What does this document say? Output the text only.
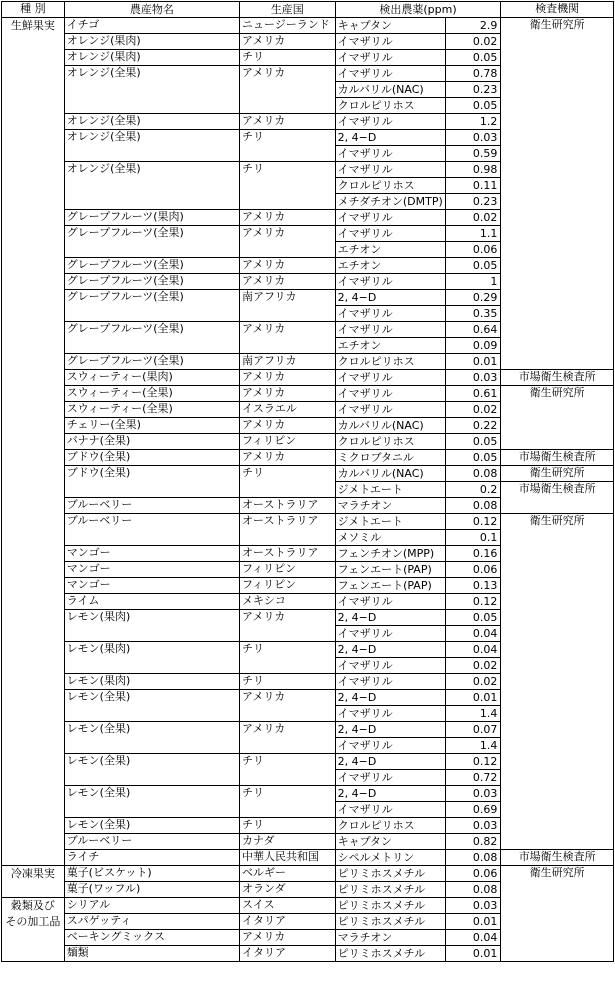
種 別	農産物名	生産国	検出農薬(ppm)		検査機関

生鮮果実	イチゴ	ニュージーランド	キャプタン	2.9	衛生研究所
	オレンジ(果肉)	アメリカ	イマザリル	0.02	
	オレンジ(果肉)	チリ	イマザリル	0.05	
	オレンジ(全果)	アメリカ	イマザリル	0.78	
			カルバリル(NAC)	0.23	
			クロルピリホス	0.05	
	オレンジ(全果)	アメリカ	イマザリル	1.2	
	オレンジ(全果)	チリ	2, 4−D	0.03	
			イマザリル	0.59	
	オレンジ(全果)	チリ	イマザリル	0.98	
			クロルピリホス	0.11	
			メチダチオン(DMTP)	0.23	
	グレープフルーツ(果肉)	アメリカ	イマザリル	0.02	
	グレープフルーツ(全果)	アメリカ	イマザリル	1.1	
			エチオン	0.06	
	グレープフルーツ(全果)	アメリカ	エチオン	0.05	
	グレープフルーツ(全果)	アメリカ	イマザリル	1	
	グレープフルーツ(全果)	南アフリカ	2, 4−D	0.29	
			イマザリル	0.35	
	グレープフルーツ(全果)	アメリカ	イマザリル	0.64	
			エチオン	0.09	
	グレープフルーツ(全果)	南アフリカ	クロルピリホス	0.01	
	スウィーティー(果肉)	アメリカ	イマザリル	0.03	市場衛生検査所
	スウィーティー(全果)	アメリカ	イマザリル	0.61	衛生研究所
	スウィーティー(全果)	イスラエル	イマザリル	0.02	
	チェリー(全果)	アメリカ	カルバリル(NAC)	0.22	
	バナナ(全果)	フィリピン	クロルピリホス	0.05	
	ブドウ(全果)	アメリカ	ミクロブタニル	0.05	市場衛生検査所
	ブドウ(全果)	チリ	カルバリル(NAC)	0.08	衛生研究所
			ジメトエート	0.2	市場衛生検査所
	ブルーベリー	オーストラリア	マラチオン	0.08	
	ブルーベリー	オーストラリア	ジメトエート	0.12	衛生研究所
			メソミル	0.1	
	マンゴー	オーストラリア	フェンチオン(MPP)	0.16	
	マンゴー	フィリピン	フェンエート(PAP)	0.06	
	マンゴー	フィリピン	フェンエート(PAP)	0.13	
	ライム	メキシコ	イマザリル	0.12	
	レモン(果肉)	アメリカ	2, 4−D	0.05	
			イマザリル	0.04	
	レモン(果肉)	チリ	2, 4−D	0.04	
			イマザリル	0.02	
	レモン(果肉)	チリ	イマザリル	0.02	
	レモン(全果)	アメリカ	2, 4−D	0.01	
			イマザリル	1.4	
	レモン(全果)	アメリカ	2, 4−D	0.07	
			イマザリル	1.4	
	レモン(全果)	チリ	2, 4−D	0.12	
			イマザリル	0.72	
	レモン(全果)	チリ	2, 4−D	0.03	
			イマザリル	0.69	
	レモン(全果)	チリ	クロルピリホス	0.03	
	ブルーベリー	カナダ	キャプタン	0.82	
	ライチ	中華人民共和国	シペルメトリン	0.08	市場衛生検査所

冷凍果実	菓子(ビスケット)	ベルギー	ピリミホスメチル	0.06	衛生研究所
	菓子(ワッフル)	オランダ	ピリミホスメチル	0.08	

穀類及び
その加工品	シリアル	スイス	ピリミホスメチル	0.03	
	スパゲッティ	イタリア	ピリミホスメチル	0.01	
	ベーキングミックス	アメリカ	マラチオン	0.04	
	麺類	イタリア	ピリミホスメチル	0.01	
